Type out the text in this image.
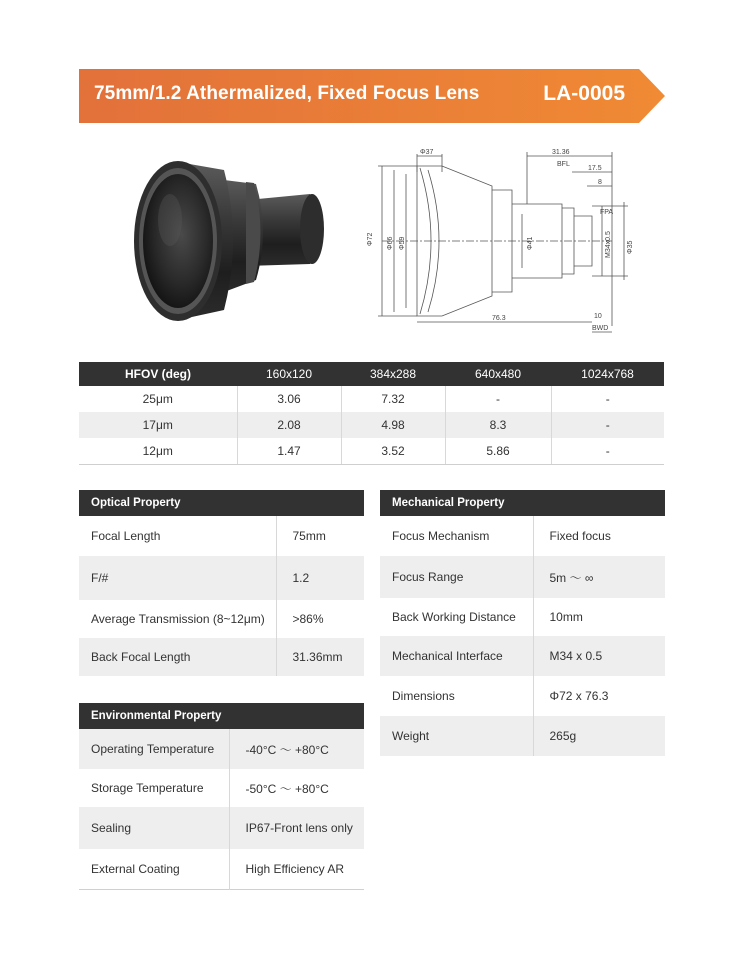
75mm/1.2 Athermalized, Fixed Focus Lens	LA-0005
Φ37	31.36
BFL
17.5
8
FPA
Φ72 Φ66 Φ59	Φ41	M34x0.5 Φ35
76.3	10
BWD
HFOV (deg)	160x120	384x288	640x480	1024x768
25μm	3.06	7.32	-	-
17μm	2.08	4.98	8.3	-
12μm	1.47	3.52	5.86	-
Optical Property	
Focal Length	75mm
F/#	1.2
Average Transmission (8~12μm)	>86%
Back Focal Length	31.36mm
Mechanical Property	
Focus Mechanism	Fixed focus
Focus Range	5m ～ ∞
Back Working Distance	10mm
Mechanical Interface	M34 x 0.5
Dimensions	Φ72 x 76.3
Weight	265g
Environmental Property	
Operating Temperature	-40°C ～ +80°C
Storage Temperature	-50°C ～ +80°C
Sealing	IP67-Front lens only
External Coating	High Efficiency AR
